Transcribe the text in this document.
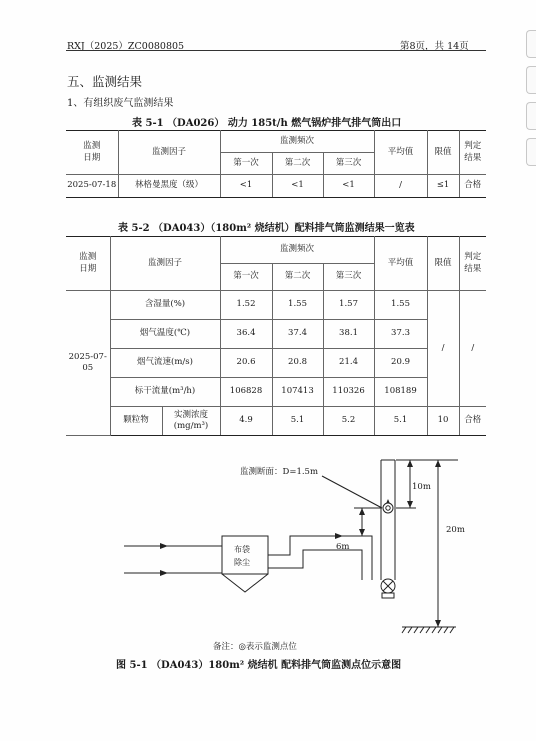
RXJ（2025）ZC0080805	第8页，共 14页
五、监测结果
1、有组织废气监测结果
表 5-1 （DA026） 动力 185t/h 燃气锅炉排气排气筒出口
监测
日期	监测因子	监测频次			平均值	限值	判定
结果

		第一次	第二次	第三次			
2025-07-18	林格曼黑度（级）	<1	<1	<1	/	≤1	合格
表 5-2 （DA043）（180m² 烧结机）配料排气筒监测结果一览表
监测
日期	监测因子		监测频次			平均值	限值	判定
结果

			第一次	第二次	第三次			
2025-07-05	含湿量(%)		1.52	1.55	1.57	1.55	/	/
	烟气温度(℃)		36.4	37.4	38.1	37.3		
	烟气流速(m/s)		20.6	20.8	21.4	20.9		
	标干流量(m³/h)		106828	107413	110326	108189		
	颗粒物	实测浓度
(mg/m³)	4.9	5.1	5.2	5.1	10	合格
监测断面：D=1.5m
10m
20m
6m
布袋
除尘
备注：◎表示监测点位
图 5-1 （DA043）180m² 烧结机 配料排气筒监测点位示意图
